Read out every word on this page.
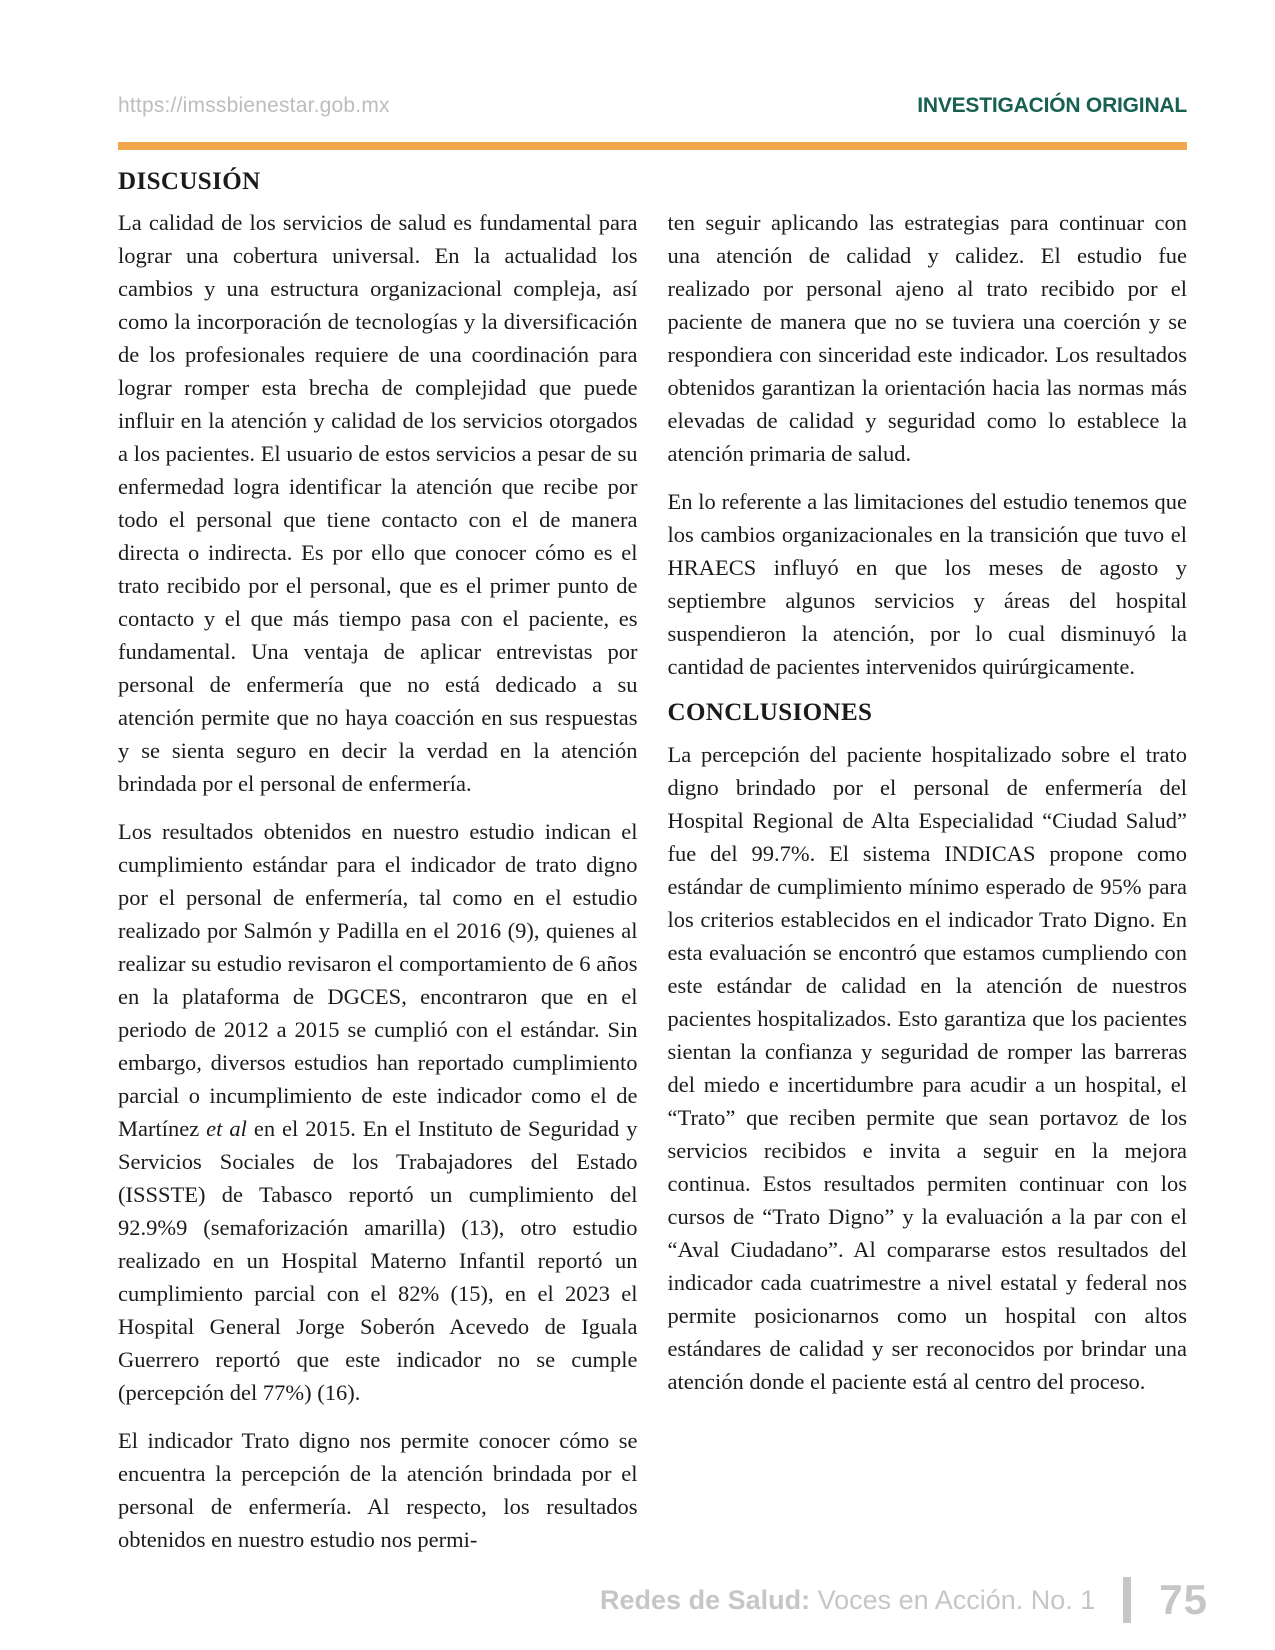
https://imssbienestar.gob.mx	INVESTIGACIÓN ORIGINAL
DISCUSIÓN

La calidad de los servicios de salud es fundamental para lograr una cobertura universal. En la actualidad los cambios y una estructura organizacional compleja, así como la incorporación de tecnologías y la diversificación de los profesionales requiere de una coordinación para lograr romper esta brecha de complejidad que puede influir en la atención y calidad de los servicios otorgados a los pacientes. El usuario de estos servicios a pesar de su enfermedad logra identificar la atención que recibe por todo el personal que tiene contacto con el de manera directa o indirecta. Es por ello que conocer cómo es el trato recibido por el personal, que es el primer punto de contacto y el que más tiempo pasa con el paciente, es fundamental. Una ventaja de aplicar entrevistas por personal de enfermería que no está dedicado a su atención permite que no haya coacción en sus respuestas y se sienta seguro en decir la verdad en la atención brindada por el personal de enfermería.

Los resultados obtenidos en nuestro estudio indican el cumplimiento estándar para el indicador de trato digno por el personal de enfermería, tal como en el estudio realizado por Salmón y Padilla en el 2016 (9), quienes al realizar su estudio revisaron el comportamiento de 6 años en la plataforma de DGCES, encontraron que en el periodo de 2012 a 2015 se cumplió con el estándar. Sin embargo, diversos estudios han reportado cumplimiento parcial o incumplimiento de este indicador como el de Martínez et al en el 2015. En el Instituto de Seguridad y Servicios Sociales de los Trabajadores del Estado (ISSSTE) de Tabasco reportó un cumplimiento del 92.9%9 (semaforización amarilla) (13), otro estudio realizado en un Hospital Materno Infantil reportó un cumplimiento parcial con el 82% (15), en el 2023 el Hospital General Jorge Soberón Acevedo de Iguala Guerrero reportó que este indicador no se cumple (percepción del 77%) (16).

El indicador Trato digno nos permite conocer cómo se encuentra la percepción de la atención brindada por el personal de enfermería. Al respecto, los resultados obtenidos en nuestro estudio nos permi-

ten seguir aplicando las estrategias para continuar con una atención de calidad y calidez. El estudio fue realizado por personal ajeno al trato recibido por el paciente de manera que no se tuviera una coerción y se respondiera con sinceridad este indicador. Los resultados obtenidos garantizan la orientación hacia las normas más elevadas de calidad y seguridad como lo establece la atención primaria de salud.

En lo referente a las limitaciones del estudio tenemos que los cambios organizacionales en la transición que tuvo el HRAECS influyó en que los meses de agosto y septiembre algunos servicios y áreas del hospital suspendieron la atención, por lo cual disminuyó la cantidad de pacientes intervenidos quirúrgicamente.

CONCLUSIONES

La percepción del paciente hospitalizado sobre el trato digno brindado por el personal de enfermería del Hospital Regional de Alta Especialidad “Ciudad Salud” fue del 99.7%. El sistema INDICAS propone como estándar de cumplimiento mínimo esperado de 95% para los criterios establecidos en el indicador Trato Digno. En esta evaluación se encontró que estamos cumpliendo con este estándar de calidad en la atención de nuestros pacientes hospitalizados. Esto garantiza que los pacientes sientan la confianza y seguridad de romper las barreras del miedo e incertidumbre para acudir a un hospital, el “Trato” que reciben permite que sean portavoz de los servicios recibidos e invita a seguir en la mejora continua. Estos resultados permiten continuar con los cursos de “Trato Digno” y la evaluación a la par con el “Aval Ciudadano”. Al compararse estos resultados del indicador cada cuatrimestre a nivel estatal y federal nos permite posicionarnos como un hospital con altos estándares de calidad y ser reconocidos por brindar una atención donde el paciente está al centro del proceso.

Redes de Salud: Voces en Acción. No. 1 75
